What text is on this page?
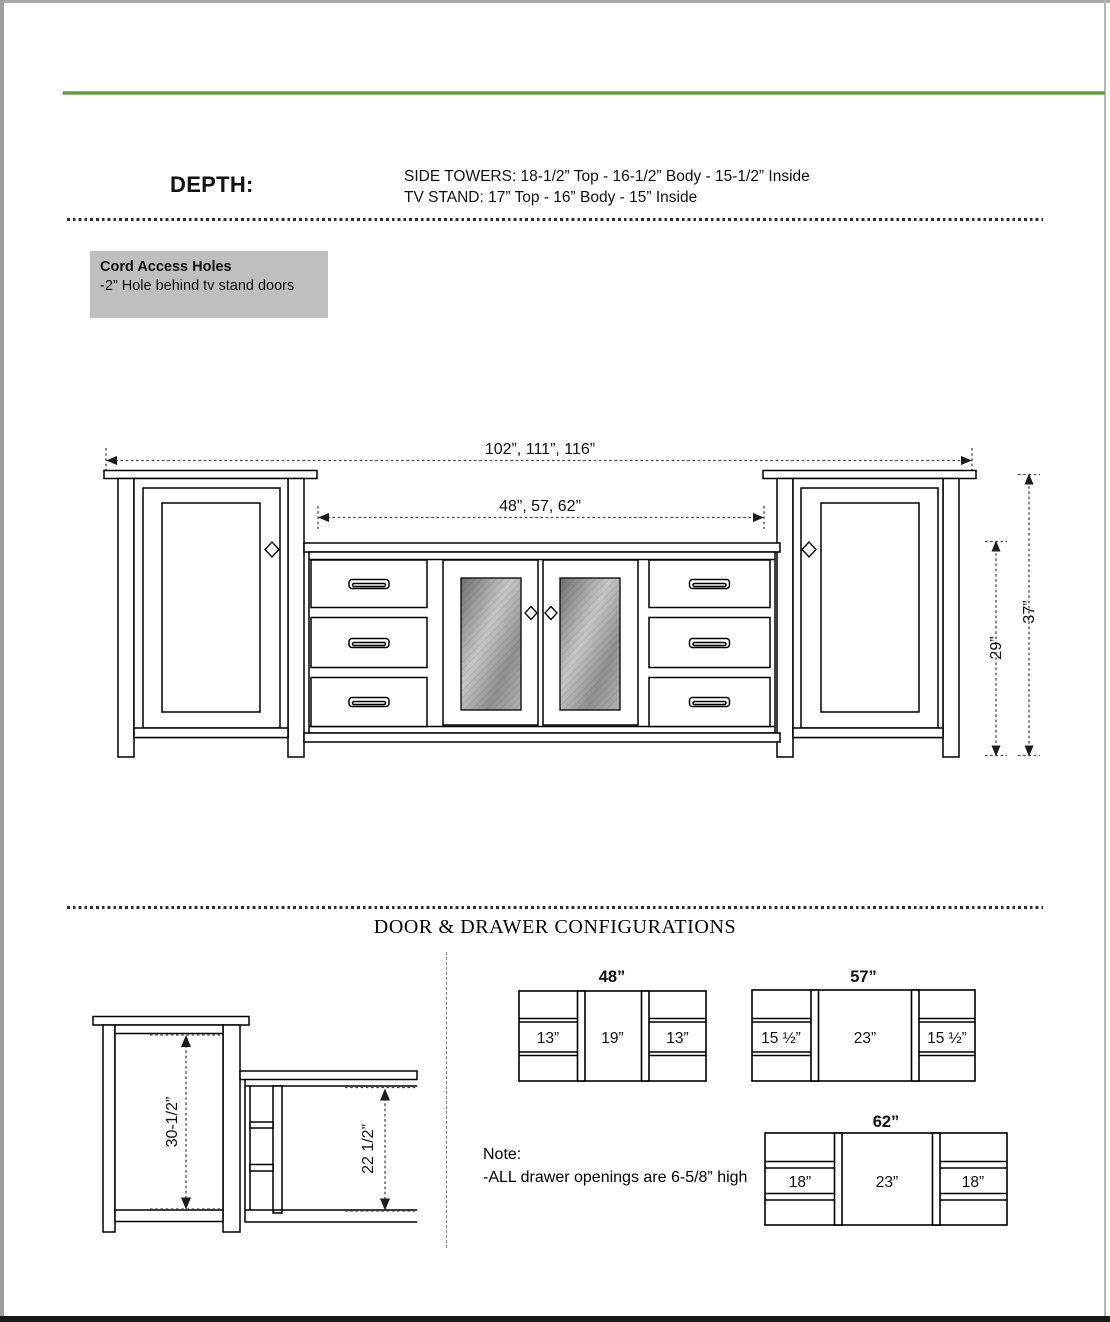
DEPTH:	SIDE TOWERS: 18-1/2” Top - 16-1/2” Body - 15-1/2” Inside
TV STAND: 17” Top - 16” Body - 15” Inside
Cord Access Holes
-2” Hole behind tv stand doors
102”, 111”, 116”
48”, 57, 62”
29”
37”
DOOR & DRAWER CONFIGURATIONS
30-1/2”
22 1/2”
48”
13”	19”	13”
57”
15 ½”	23”	15 ½”
62”
18”	23”	18”
Note:
-ALL drawer openings are 6-5/8” high
